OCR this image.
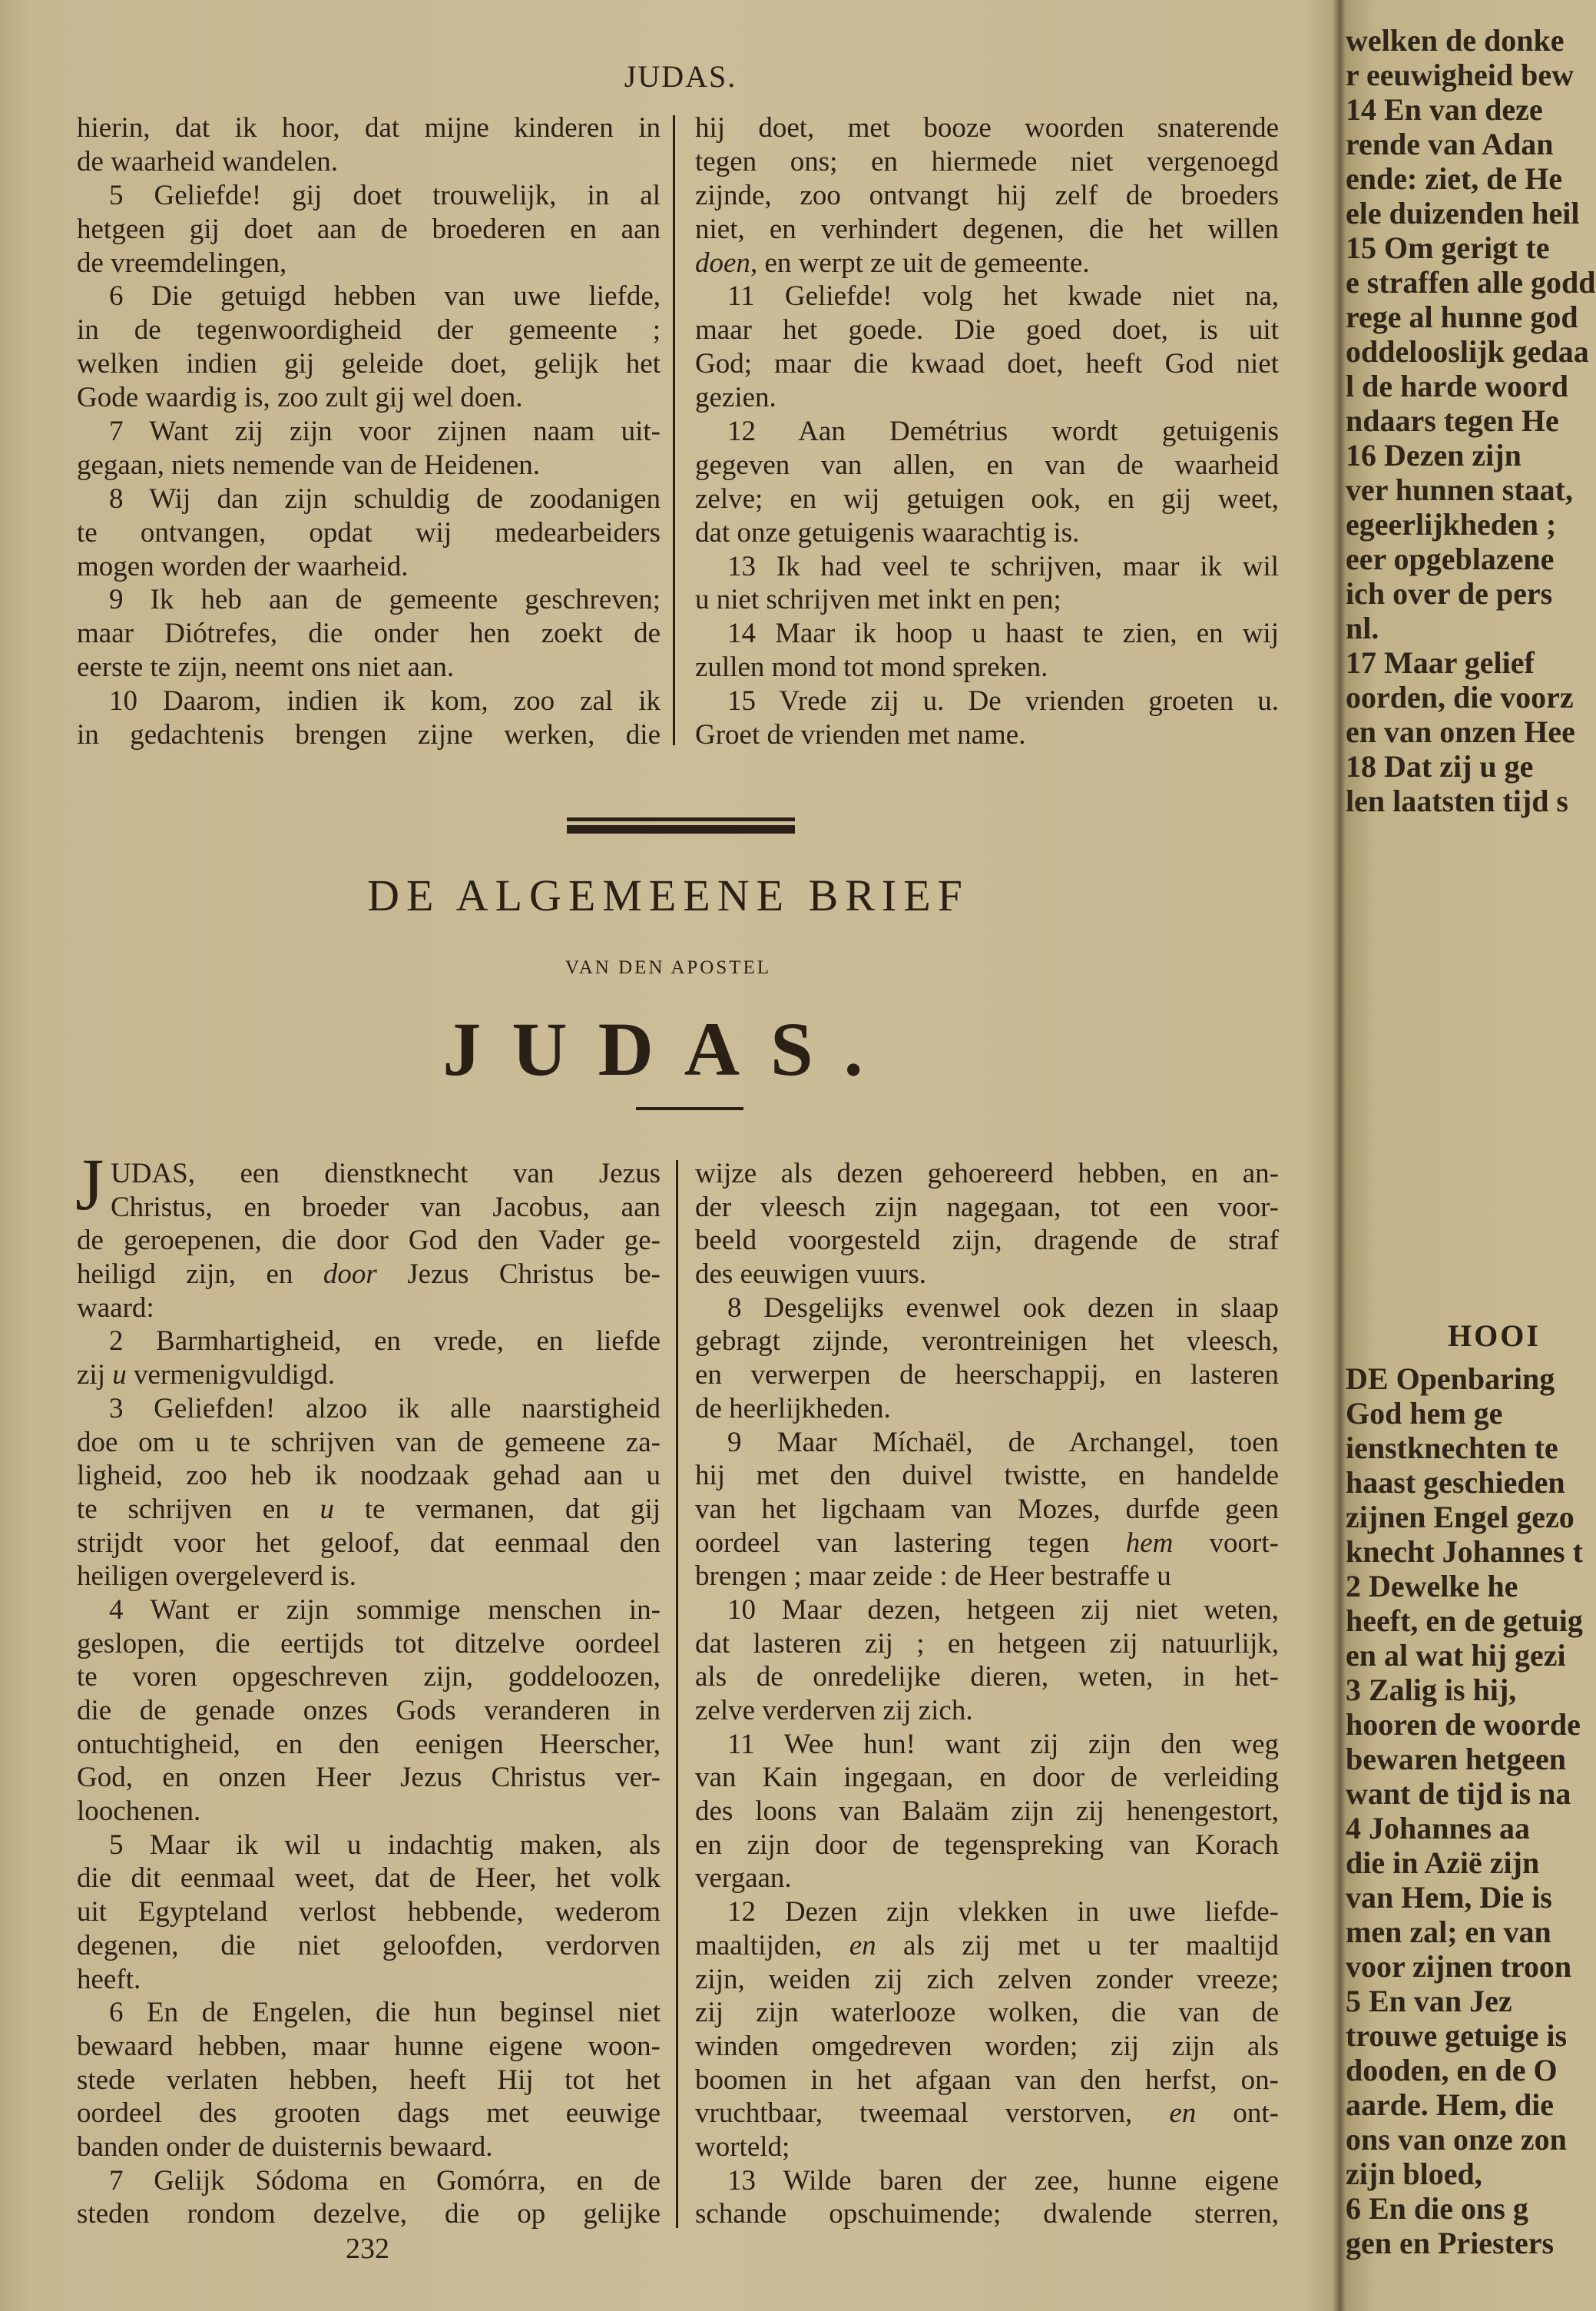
JUDAS.
hierin, dat ik hoor, dat mijne kinderen in
de waarheid wandelen.
5 Geliefde! gij doet trouwelijk, in al
hetgeen gij doet aan de broederen en aan
de vreemdelingen,
6 Die getuigd hebben van uwe liefde,
in de tegenwoordigheid der gemeente ;
welken indien gij geleide doet, gelijk het
Gode waardig is, zoo zult gij wel doen.
7 Want zij zijn voor zijnen naam uit-
gegaan, niets nemende van de Heidenen.
8 Wij dan zijn schuldig de zoodanigen
te ontvangen, opdat wij medearbeiders
mogen worden der waarheid.
9 Ik heb aan de gemeente geschreven;
maar Diótrefes, die onder hen zoekt de
eerste te zijn, neemt ons niet aan.
10 Daarom, indien ik kom, zoo zal ik
in gedachtenis brengen zijne werken, die
hij doet, met booze woorden snaterende
tegen ons; en hiermede niet vergenoegd
zijnde, zoo ontvangt hij zelf de broeders
niet, en verhindert degenen, die het willen
doen, en werpt ze uit de gemeente.
11 Geliefde! volg het kwade niet na,
maar het goede. Die goed doet, is uit
God; maar die kwaad doet, heeft God niet
gezien.
12 Aan Demétrius wordt getuigenis
gegeven van allen, en van de waarheid
zelve; en wij getuigen ook, en gij weet,
dat onze getuigenis waarachtig is.
13 Ik had veel te schrijven, maar ik wil
u niet schrijven met inkt en pen;
14 Maar ik hoop u haast te zien, en wij
zullen mond tot mond spreken.
15 Vrede zij u. De vrienden groeten u.
Groet de vrienden met name.
DE ALGEMEENE BRIEF
VAN DEN APOSTEL
JUDAS.
J UDAS, een dienstknecht van Jezus
Christus, en broeder van Jacobus, aan
de geroepenen, die door God den Vader ge-
heiligd zijn, en door Jezus Christus be-
waard:
2 Barmhartigheid, en vrede, en liefde
zij u vermenigvuldigd.
3 Geliefden! alzoo ik alle naarstigheid
doe om u te schrijven van de gemeene za-
ligheid, zoo heb ik noodzaak gehad aan u
te schrijven en u te vermanen, dat gij
strijdt voor het geloof, dat eenmaal den
heiligen overgeleverd is.
4 Want er zijn sommige menschen in-
geslopen, die eertijds tot ditzelve oordeel
te voren opgeschreven zijn, goddeloozen,
die de genade onzes Gods veranderen in
ontuchtigheid, en den eenigen Heerscher,
God, en onzen Heer Jezus Christus ver-
loochenen.
5 Maar ik wil u indachtig maken, als
die dit eenmaal weet, dat de Heer, het volk
uit Egypteland verlost hebbende, wederom
degenen, die niet geloofden, verdorven
heeft.
6 En de Engelen, die hun beginsel niet
bewaard hebben, maar hunne eigene woon-
stede verlaten hebben, heeft Hij tot het
oordeel des grooten dags met eeuwige
banden onder de duisternis bewaard.
7 Gelijk Sódoma en Gomórra, en de
steden rondom dezelve, die op gelijke
wijze als dezen gehoereerd hebben, en an-
der vleesch zijn nagegaan, tot een voor-
beeld voorgesteld zijn, dragende de straf
des eeuwigen vuurs.
8 Desgelijks evenwel ook dezen in slaap
gebragt zijnde, verontreinigen het vleesch,
en verwerpen de heerschappij, en lasteren
de heerlijkheden.
9 Maar Míchaël, de Archangel, toen
hij met den duivel twistte, en handelde
van het ligchaam van Mozes, durfde geen
oordeel van lastering tegen hem voort-
brengen ; maar zeide : de Heer bestraffe u
10 Maar dezen, hetgeen zij niet weten,
dat lasteren zij ; en hetgeen zij natuurlijk,
als de onredelijke dieren, weten, in het-
zelve verderven zij zich.
11 Wee hun! want zij zijn den weg
van Kain ingegaan, en door de verleiding
des loons van Balaäm zijn zij henengestort,
en zijn door de tegenspreking van Korach
vergaan.
12 Dezen zijn vlekken in uwe liefde-
maaltijden, en als zij met u ter maaltijd
zijn, weiden zij zich zelven zonder vreeze;
zij zijn waterlooze wolken, die van de
winden omgedreven worden; zij zijn als
boomen in het afgaan van den herfst, on-
vruchtbaar, tweemaal verstorven, en ont-
worteld;
13 Wilde baren der zee, hunne eigene
schande opschuimende; dwalende sterren,
232
welken de donke
r eeuwigheid bew
14 En van deze
rende van Adan
ende: ziet, de He
ele duizenden heil
15 Om gerigt te
e straffen alle godd
rege al hunne god
oddelooslijk gedaa
l de harde woord
ndaars tegen He
16 Dezen zijn
ver hunnen staat,
egeerlijkheden ;
eer opgeblazene
ich over de pers
nl.
17 Maar gelief
oorden, die voorz
en van onzen Hee
18 Dat zij u ge
len laatsten tijd s
HOOI
DE Openbaring
God hem ge
ienstknechten te
haast geschieden
zijnen Engel gezo
knecht Johannes t
2 Dewelke he
heeft, en de getuig
en al wat hij gezi
3 Zalig is hij,
hooren de woorde
bewaren hetgeen
want de tijd is na
4 Johannes aa
die in Azië zijn
van Hem, Die is
men zal; en van
voor zijnen troon
5 En van Jez
trouwe getuige is
dooden, en de O
aarde. Hem, die
ons van onze zon
zijn bloed,
6 En die ons g
gen en Priesters
